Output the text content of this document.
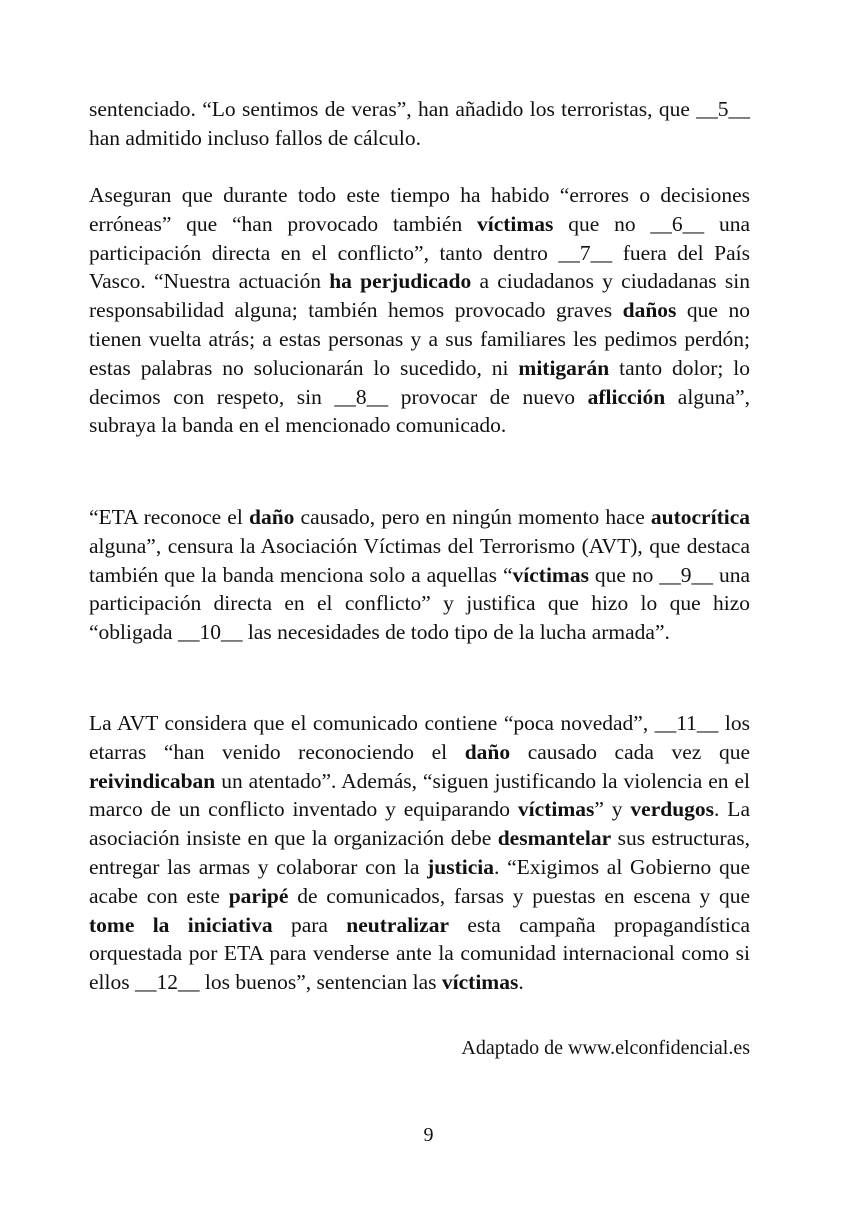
sentenciado. “Lo sentimos de veras”, han añadido los terroristas, que __5__ han admitido incluso fallos de cálculo.

Aseguran que durante todo este tiempo ha habido “errores o decisiones erróneas” que “han provocado también víctimas que no __6__ una participación directa en el conflicto”, tanto dentro __7__ fuera del País Vasco. “Nuestra actuación ha perjudicado a ciudadanos y ciudadanas sin responsabilidad alguna; también hemos provocado graves daños que no tienen vuelta atrás; a estas personas y a sus familiares les pedimos perdón; estas palabras no solucionarán lo sucedido, ni mitigarán tanto dolor; lo decimos con respeto, sin __8__ provocar de nuevo aflicción alguna”, subraya la banda en el mencionado comunicado.

“ETA reconoce el daño causado, pero en ningún momento hace autocrítica alguna”, censura la Asociación Víctimas del Terrorismo (AVT), que destaca también que la banda menciona solo a aquellas “víctimas que no __9__ una participación directa en el conflicto” y justifica que hizo lo que hizo “obligada __10__ las necesidades de todo tipo de la lucha armada”.

La AVT considera que el comunicado contiene “poca novedad”, __11__ los etarras “han venido reconociendo el daño causado cada vez que reivindicaban un atentado”. Además, “siguen justificando la violencia en el marco de un conflicto inventado y equiparando víctimas” y verdugos. La asociación insiste en que la organización debe desmantelar sus estructuras, entregar las armas y colaborar con la justicia. “Exigimos al Gobierno que acabe con este paripé de comunicados, farsas y puestas en escena y que tome la iniciativa para neutralizar esta campaña propagandística orquestada por ETA para venderse ante la comunidad internacional como si ellos __12__ los buenos”, sentencian las víctimas.

Adaptado de www.elconfidencial.es
9
